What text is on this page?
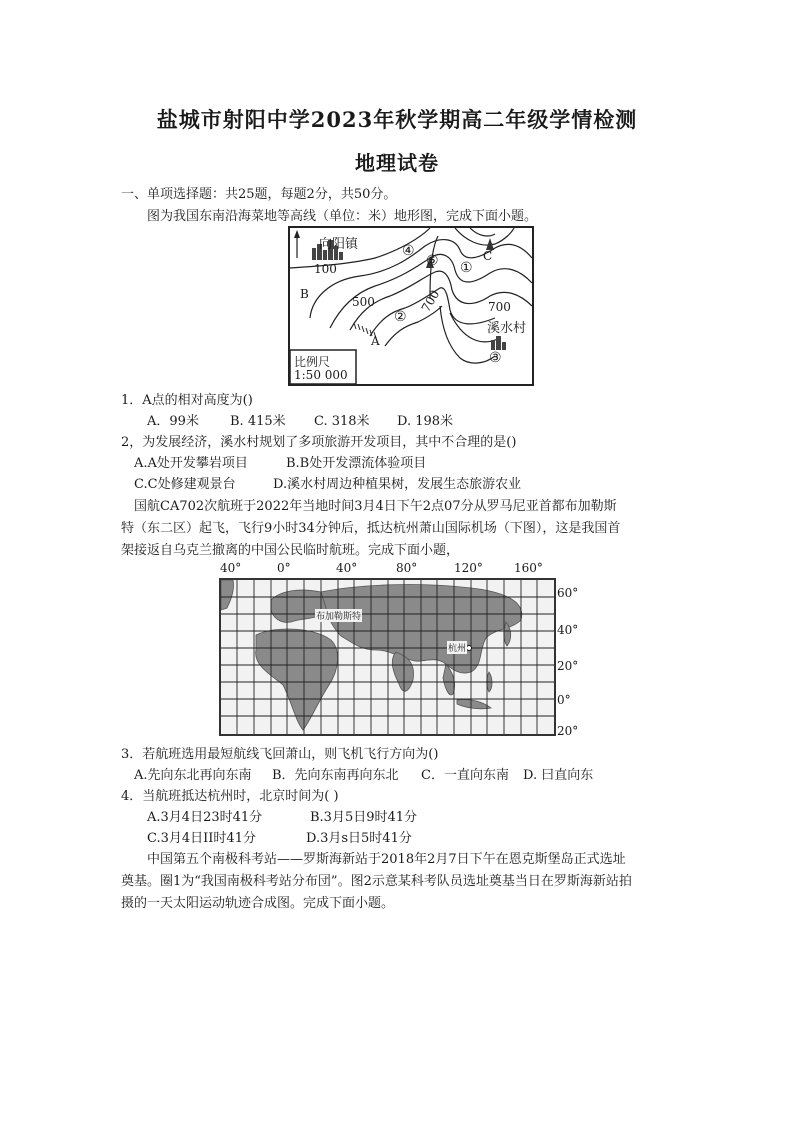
盐城市射阳中学2023年秋学期高二年级学情检测
地理试卷
一、单项选择题：共25题，每题2分，共50分。
图为我国东南沿海菜地等高线（单位：米）地形图，完成下面小题。
向阳镇
100
500	700	700
溪水村
A
B
C
①
②
③
④
⑤
比例尺
1:50 000
1．A点的相对高度为()
A．99米 B. 415米 C. 318米 D. 198米
2，为发展经济，溪水村规划了多项旅游开发项目，其中不合理的是()
A.A处开发攀岩项目	B.B处开发漂流体验项目
C.C处修建观景台	D.溪水村周边种植果树，发展生态旅游农业
国航CA702次航班于2022年当地时间3月4日下午2点07分从罗马尼亚首都布加勒斯
特（东二区）起飞，飞行9小时34分钟后，抵达杭州萧山国际机场（下图），这是我国首
架接返自乌克兰撤离的中国公民临时航班。完成下面小题，
40°	0°	40°	80°	120°	160°
布加勒斯特
杭州
60°
40°
20°
0°
20°
3．若航班选用最短航线飞回萧山，则飞机飞行方向为()
A.先向东北再向东南 B．先向东南再向东北 C．一直向东南 D. 曰直向东
4．当航班抵达杭州时，北京时间为( )
A.3月4日23时41分	B.3月5日9时41分
C.3月4日II时41分	D.3月s日5时41分
中国第五个南极科考站——罗斯海新站于2018年2月7日下午在恩克斯堡岛正式选址
奠基。圈1为“我国南极科考站分布団”。图2示意某科考队员选址奠基当日在罗斯海新站拍
摄的一天太阳运动轨迹合成图。完成下面小题。
